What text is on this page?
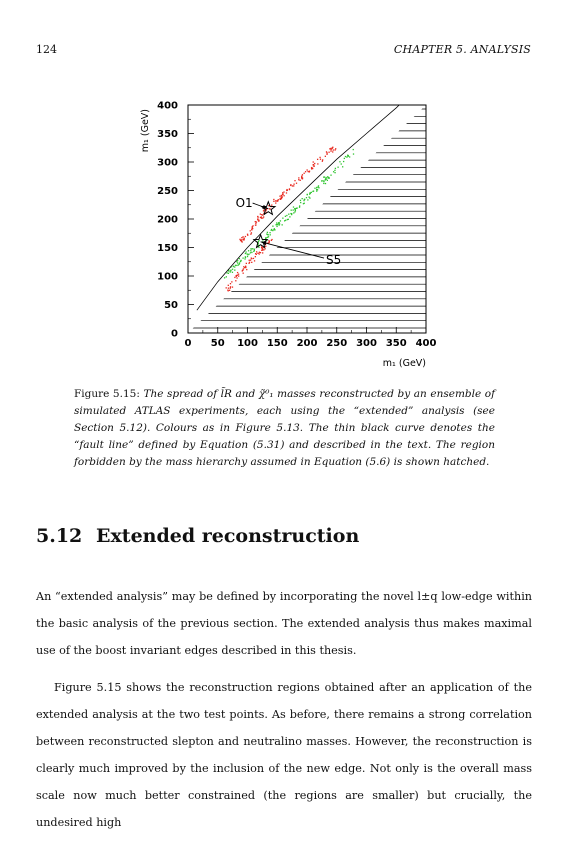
124	CHAPTER 5. ANALYSIS
0 50 100 150 200 250 300 350 400
0
50
100
150
200
250
300
350
400
O1
S5
m₁ (GeV)
m₁ (GeV)
Figure 5.15: The spread of l̃R and χ̃⁰₁ masses reconstructed by an ensemble of simulated ATLAS experiments, each using the “extended” analysis (see Section 5.12). Colours as in Figure 5.13. The thin black curve denotes the “fault line” defined by Equation (5.31) and described in the text. The region forbidden by the mass hierarchy assumed in Equation (5.6) is shown hatched.
5.12 Extended reconstruction
An “extended analysis” may be defined by incorporating the novel l±q low-edge within the basic analysis of the previous section. The extended analysis thus makes maximal use of the boost invariant edges described in this thesis.
Figure 5.15 shows the reconstruction regions obtained after an application of the extended analysis at the two test points. As before, there remains a strong correlation between reconstructed slepton and neutralino masses. However, the reconstruction is clearly much improved by the inclusion of the new edge. Not only is the overall mass scale now much better constrained (the regions are smaller) but crucially, the undesired high
